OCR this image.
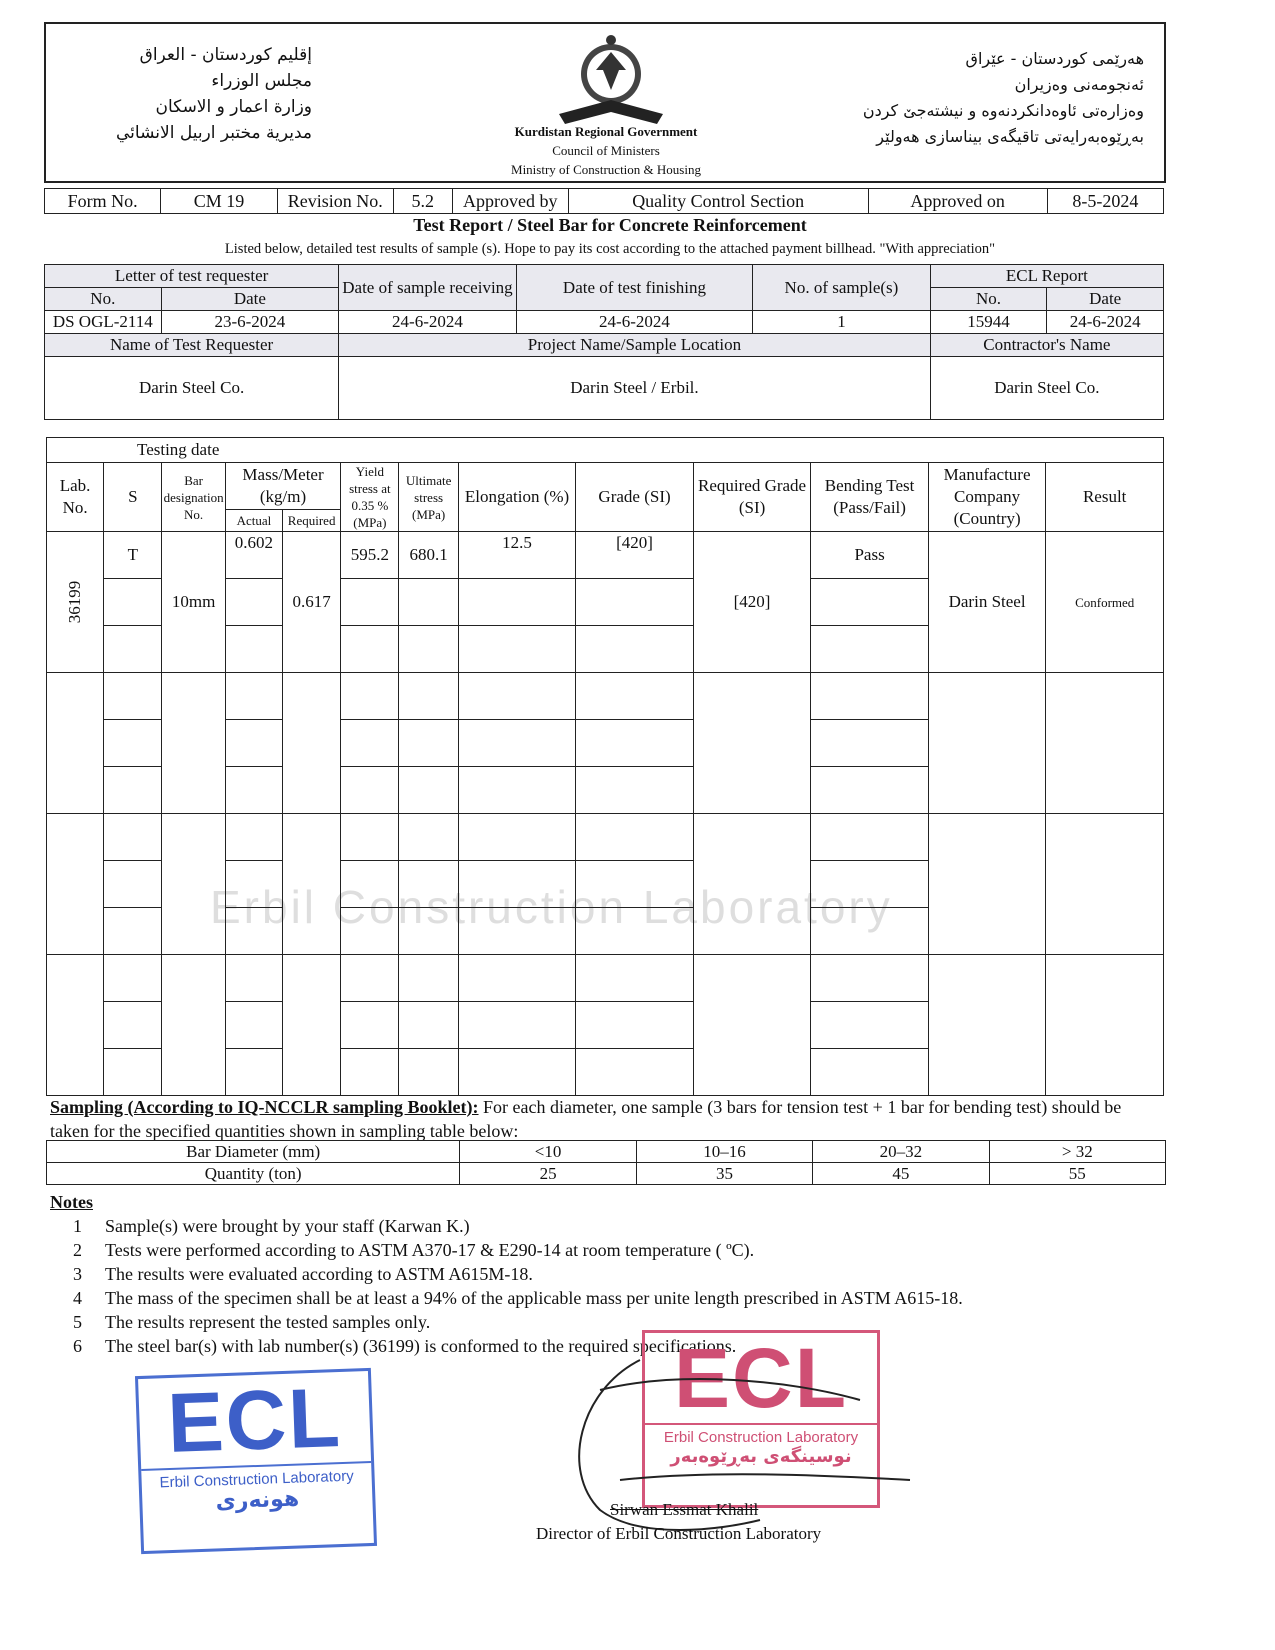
إقليم كوردستان - العراق
مجلس الوزراء
وزارة اعمار و الاسكان
مديرية مختبر اربيل الانشائي	Kurdistan Regional Government
Council of Ministers
Ministry of Construction & Housing
هەرێمی کوردستان - عێراق
ئەنجومەنی وەزیران
وەزارەتی ئاوەدانکردنەوە و نیشتەجێ کردن
بەڕێوەبەرایەتی تاقیگەی بیناسازی هەولێر
Form No.	CM 19	Revision No.	5.2	Approved by	Quality Control Section	Approved on	8-5-2024
Test Report / Steel Bar for Concrete Reinforcement
Listed below, detailed test results of sample (s). Hope to pay its cost according to the attached payment billhead. "With appreciation"
Letter of test requester		Date of sample receiving	Date of test finishing	No. of sample(s)	ECL Report	
No.	Date				No.	Date
DS OGL-2114	23-6-2024	24-6-2024	24-6-2024	1	15944	24-6-2024
Name of Test Requester		Project Name/Sample Location			Contractor's Name	
Darin Steel Co.		Darin Steel / Erbil.			Darin Steel Co.	
Erbil Construction Laboratory
Testing date												
Lab. No.	S	Bar designation No.	Mass/Meter (kg/m)		Yield stress at 0.35 % (MPa)	Ultimate stress (MPa)	Elongation (%)	Grade (SI)	Required Grade (SI)	Bending Test (Pass/Fail)	Manufacture Company (Country)	Result
			Actual	Required								

36199	T	10mm	0.602	0.617	595.2	680.1	12.5	[420]	[420]	Pass	Darin Steel	Conformed

Sampling (According to IQ-NCCLR sampling Booklet): For each diameter, one sample (3 bars for tension test + 1 bar for bending test) should be taken for the specified quantities shown in sampling table below:
Bar Diameter (mm)	<10	10–16	20–32	> 32
Quantity (ton)	25	35	45	55
Notes
1	Sample(s) were brought by your staff (Karwan K.)
2	Tests were performed according to ASTM A370-17 & E290-14 at room temperature ( ºC).
3	The results were evaluated according to ASTM A615M-18.
4	The mass of the specimen shall be at least a 94% of the applicable mass per unite length prescribed in ASTM A615-18.
5	The results represent the tested samples only.
6	The steel bar(s) with lab number(s) (36199) is conformed to the required specifications.
ECL
Erbil Construction Laboratory
هونەری
ECL
Erbil Construction Laboratory
نوسینگەی بەڕێوەبەر
Sirwan Essmat Khalil
Director of Erbil Construction Laboratory
